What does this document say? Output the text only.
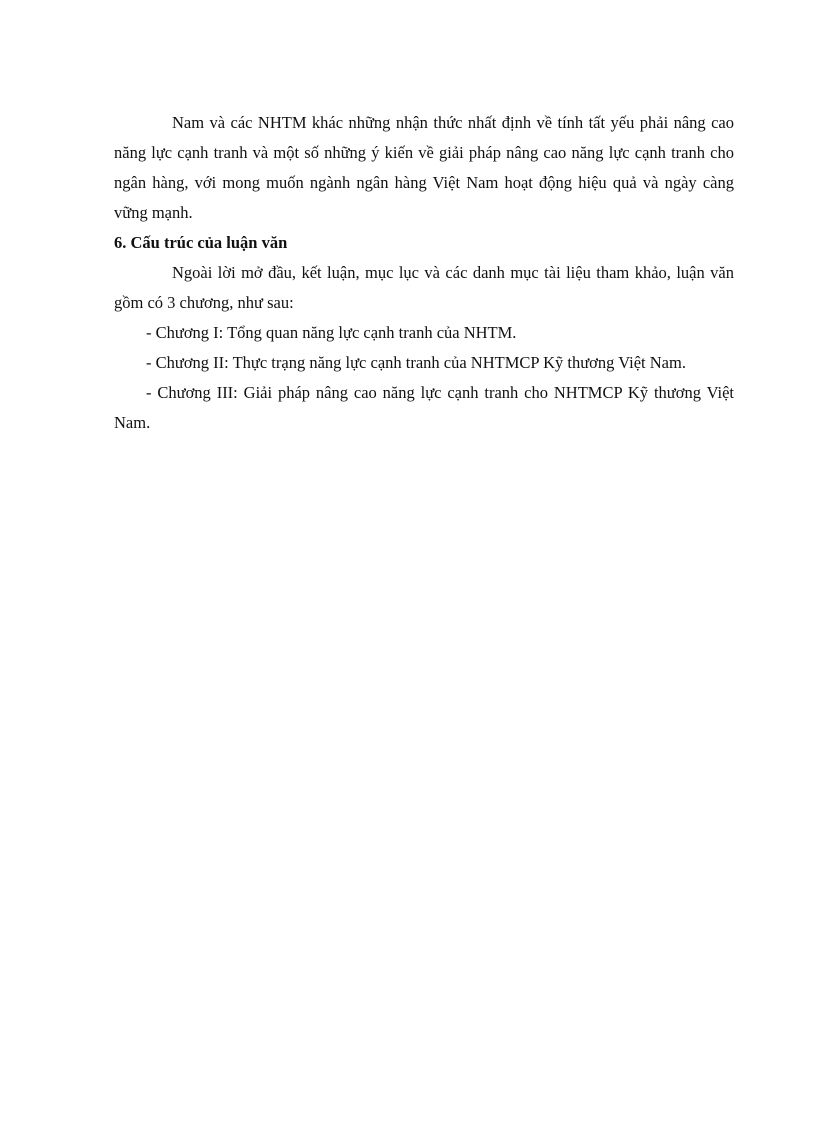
Nam và các NHTM khác những nhận thức nhất định về tính tất yếu phải nâng cao năng lực cạnh tranh và một số những ý kiến về giải pháp nâng cao năng lực cạnh tranh cho ngân hàng, với mong muốn ngành ngân hàng Việt Nam hoạt động hiệu quả và ngày càng vững mạnh.

6. Cấu trúc của luận văn

Ngoài lời mở đầu, kết luận, mục lục và các danh mục tài liệu tham khảo, luận văn gồm có 3 chương, như sau:

- Chương I: Tổng quan năng lực cạnh tranh của NHTM.

- Chương II: Thực trạng năng lực cạnh tranh của NHTMCP Kỹ thương Việt Nam.

- Chương III: Giải pháp nâng cao năng lực cạnh tranh cho NHTMCP Kỹ thương Việt Nam.
